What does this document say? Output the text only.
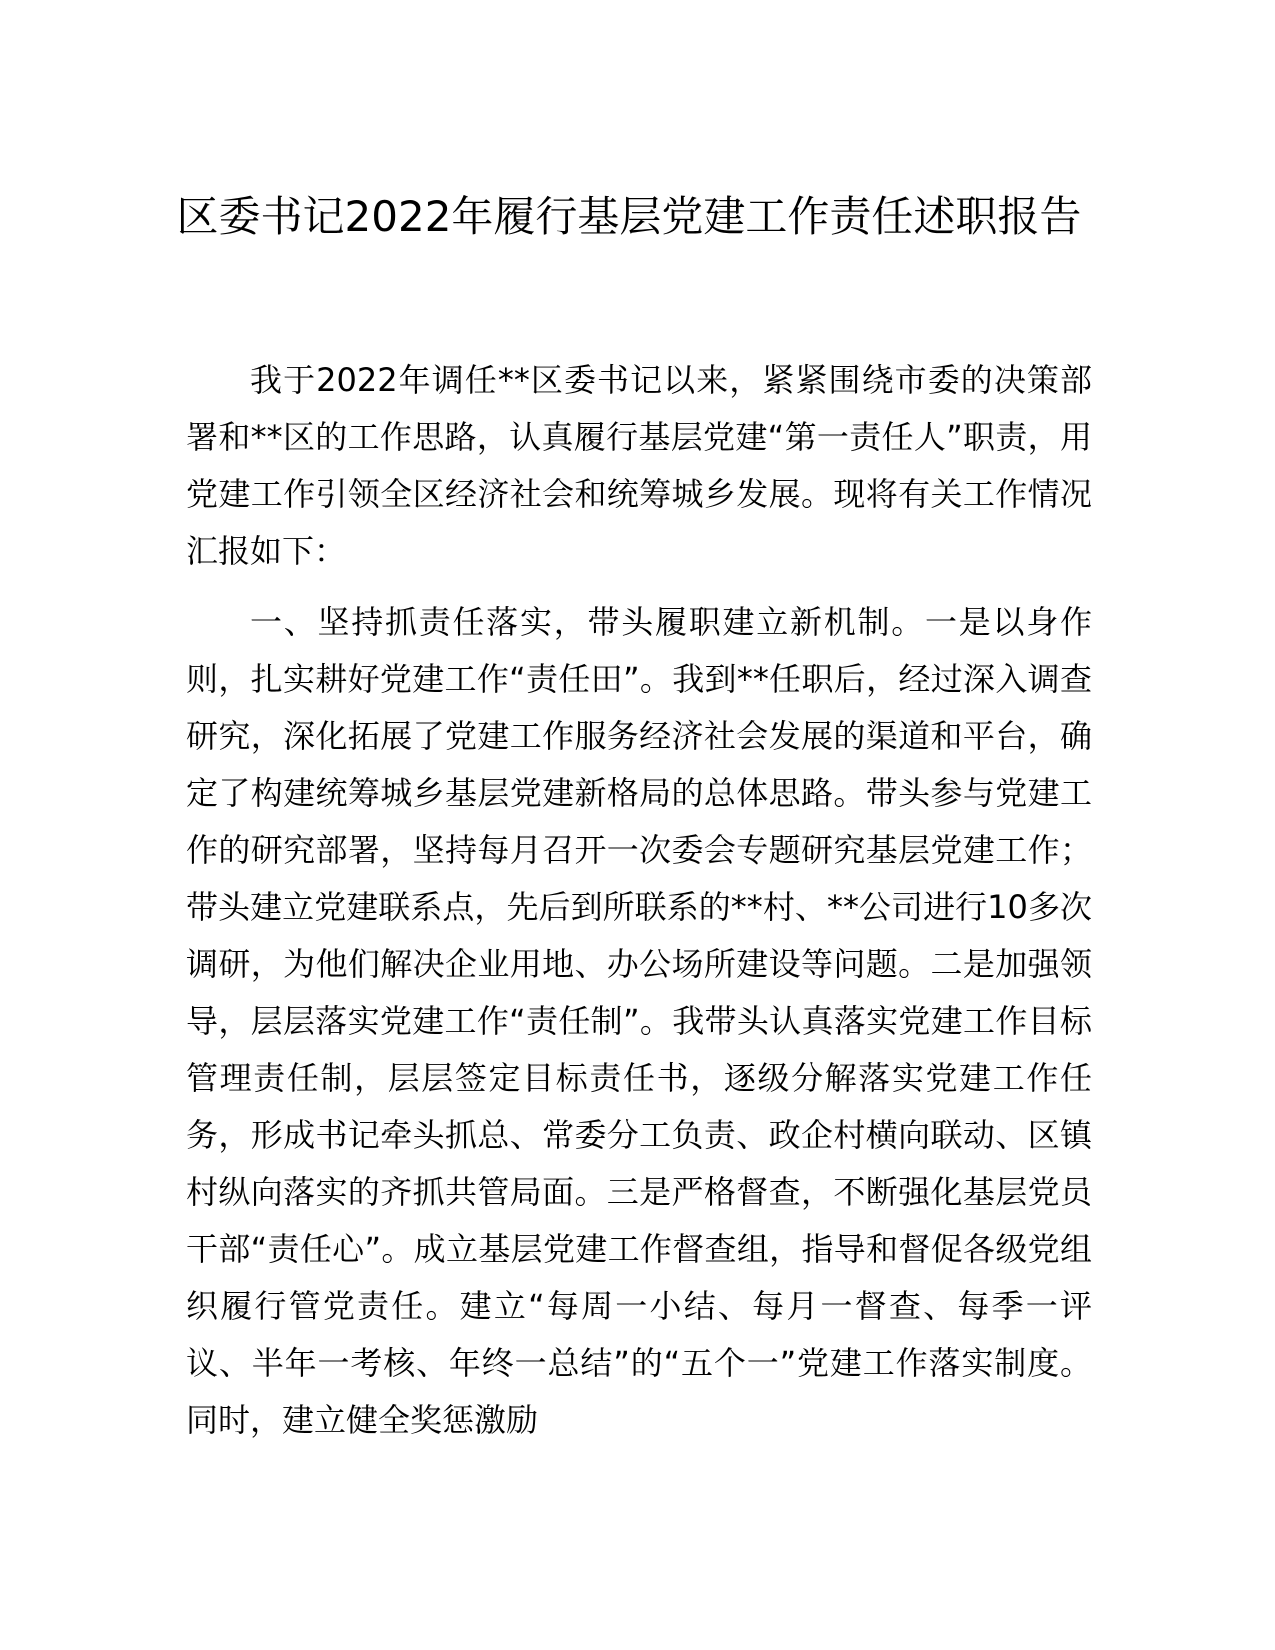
区委书记2022年履行基层党建工作责任述职报告

我于2022年调任**区委书记以来，紧紧围绕市委的决策部署和**区的工作思路，认真履行基层党建“第一责任人”职责，用党建工作引领全区经济社会和统筹城乡发展。现将有关工作情况汇报如下：

一、坚持抓责任落实，带头履职建立新机制。一是以身作则，扎实耕好党建工作“责任田”。我到**任职后，经过深入调查研究，深化拓展了党建工作服务经济社会发展的渠道和平台，确定了构建统筹城乡基层党建新格局的总体思路。带头参与党建工作的研究部署，坚持每月召开一次委会专题研究基层党建工作；带头建立党建联系点，先后到所联系的**村、**公司进行10多次调研，为他们解决企业用地、办公场所建设等问题。二是加强领导，层层落实党建工作“责任制”。我带头认真落实党建工作目标管理责任制，层层签定目标责任书，逐级分解落实党建工作任务，形成书记牵头抓总、常委分工负责、政企村横向联动、区镇村纵向落实的齐抓共管局面。三是严格督查，不断强化基层党员干部“责任心”。成立基层党建工作督查组，指导和督促各级党组织履行管党责任。建立“每周一小结、每月一督查、每季一评议、半年一考核、年终一总结”的“五个一”党建工作落实制度。同时，建立健全奖惩激励
